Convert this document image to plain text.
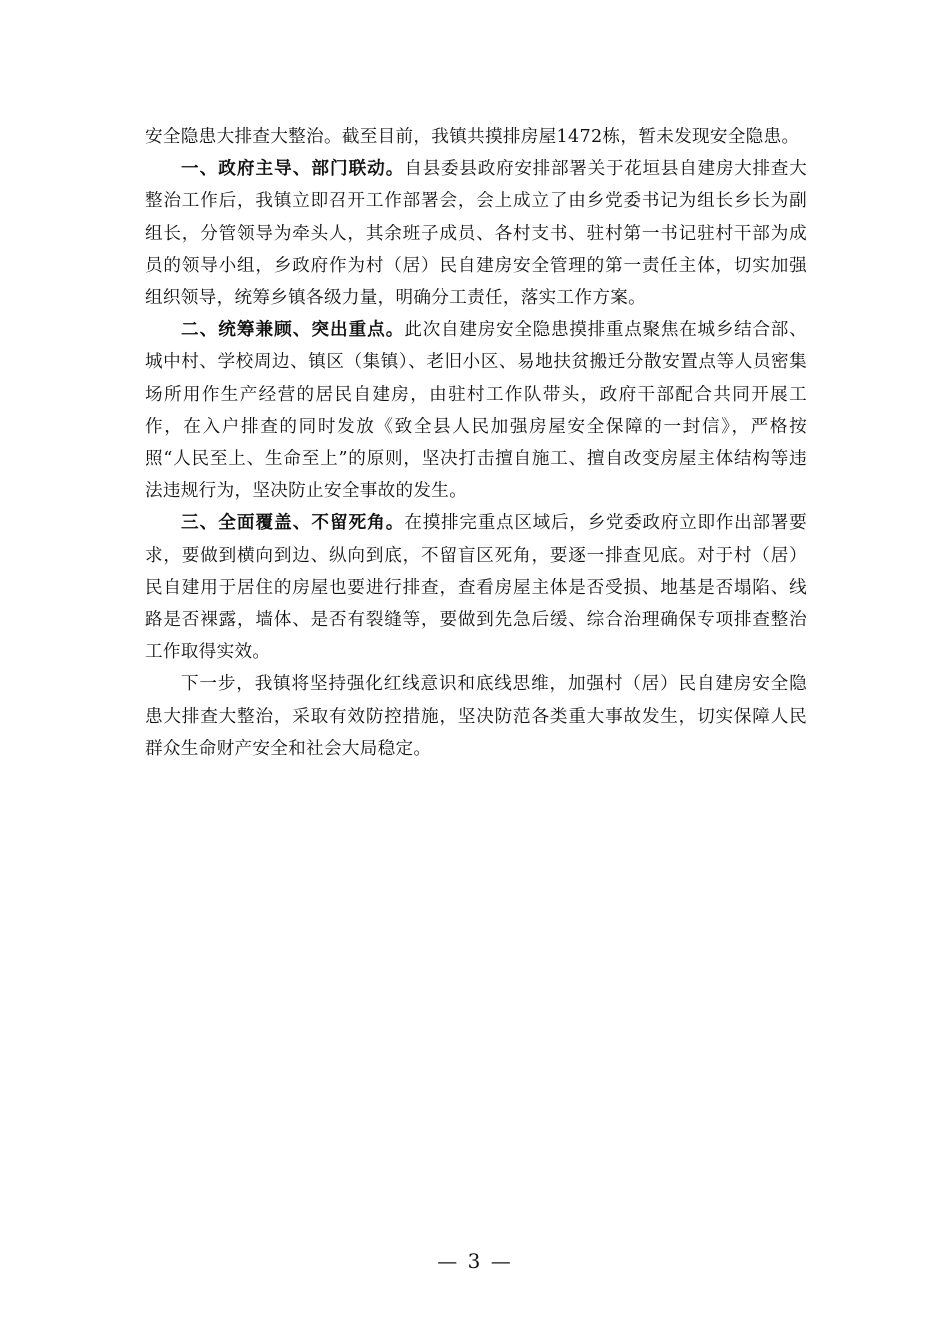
安全隐患大排查大整治。截至目前，我镇共摸排房屋1472栋，暂未发现安全隐患。

一、政府主导、部门联动。自县委县政府安排部署关于花垣县自建房大排查大整治工作后，我镇立即召开工作部署会，会上成立了由乡党委书记为组长乡长为副组长，分管领导为牵头人，其余班子成员、各村支书、驻村第一书记驻村干部为成员的领导小组，乡政府作为村（居）民自建房安全管理的第一责任主体，切实加强组织领导，统筹乡镇各级力量，明确分工责任，落实工作方案。

二、统筹兼顾、突出重点。此次自建房安全隐患摸排重点聚焦在城乡结合部、城中村、学校周边、镇区（集镇）、老旧小区、易地扶贫搬迁分散安置点等人员密集场所用作生产经营的居民自建房，由驻村工作队带头，政府干部配合共同开展工作，在入户排查的同时发放《致全县人民加强房屋安全保障的一封信》，严格按照“人民至上、生命至上”的原则，坚决打击擅自施工、擅自改变房屋主体结构等违法违规行为，坚决防止安全事故的发生。

三、全面覆盖、不留死角。在摸排完重点区域后，乡党委政府立即作出部署要求，要做到横向到边、纵向到底，不留盲区死角，要逐一排查见底。对于村（居）民自建用于居住的房屋也要进行排查，查看房屋主体是否受损、地基是否塌陷、线路是否裸露，墙体、是否有裂缝等，要做到先急后缓、综合治理确保专项排查整治工作取得实效。

下一步，我镇将坚持强化红线意识和底线思维，加强村（居）民自建房安全隐患大排查大整治，采取有效防控措施，坚决防范各类重大事故发生，切实保障人民群众生命财产安全和社会大局稳定。

— 3 —
